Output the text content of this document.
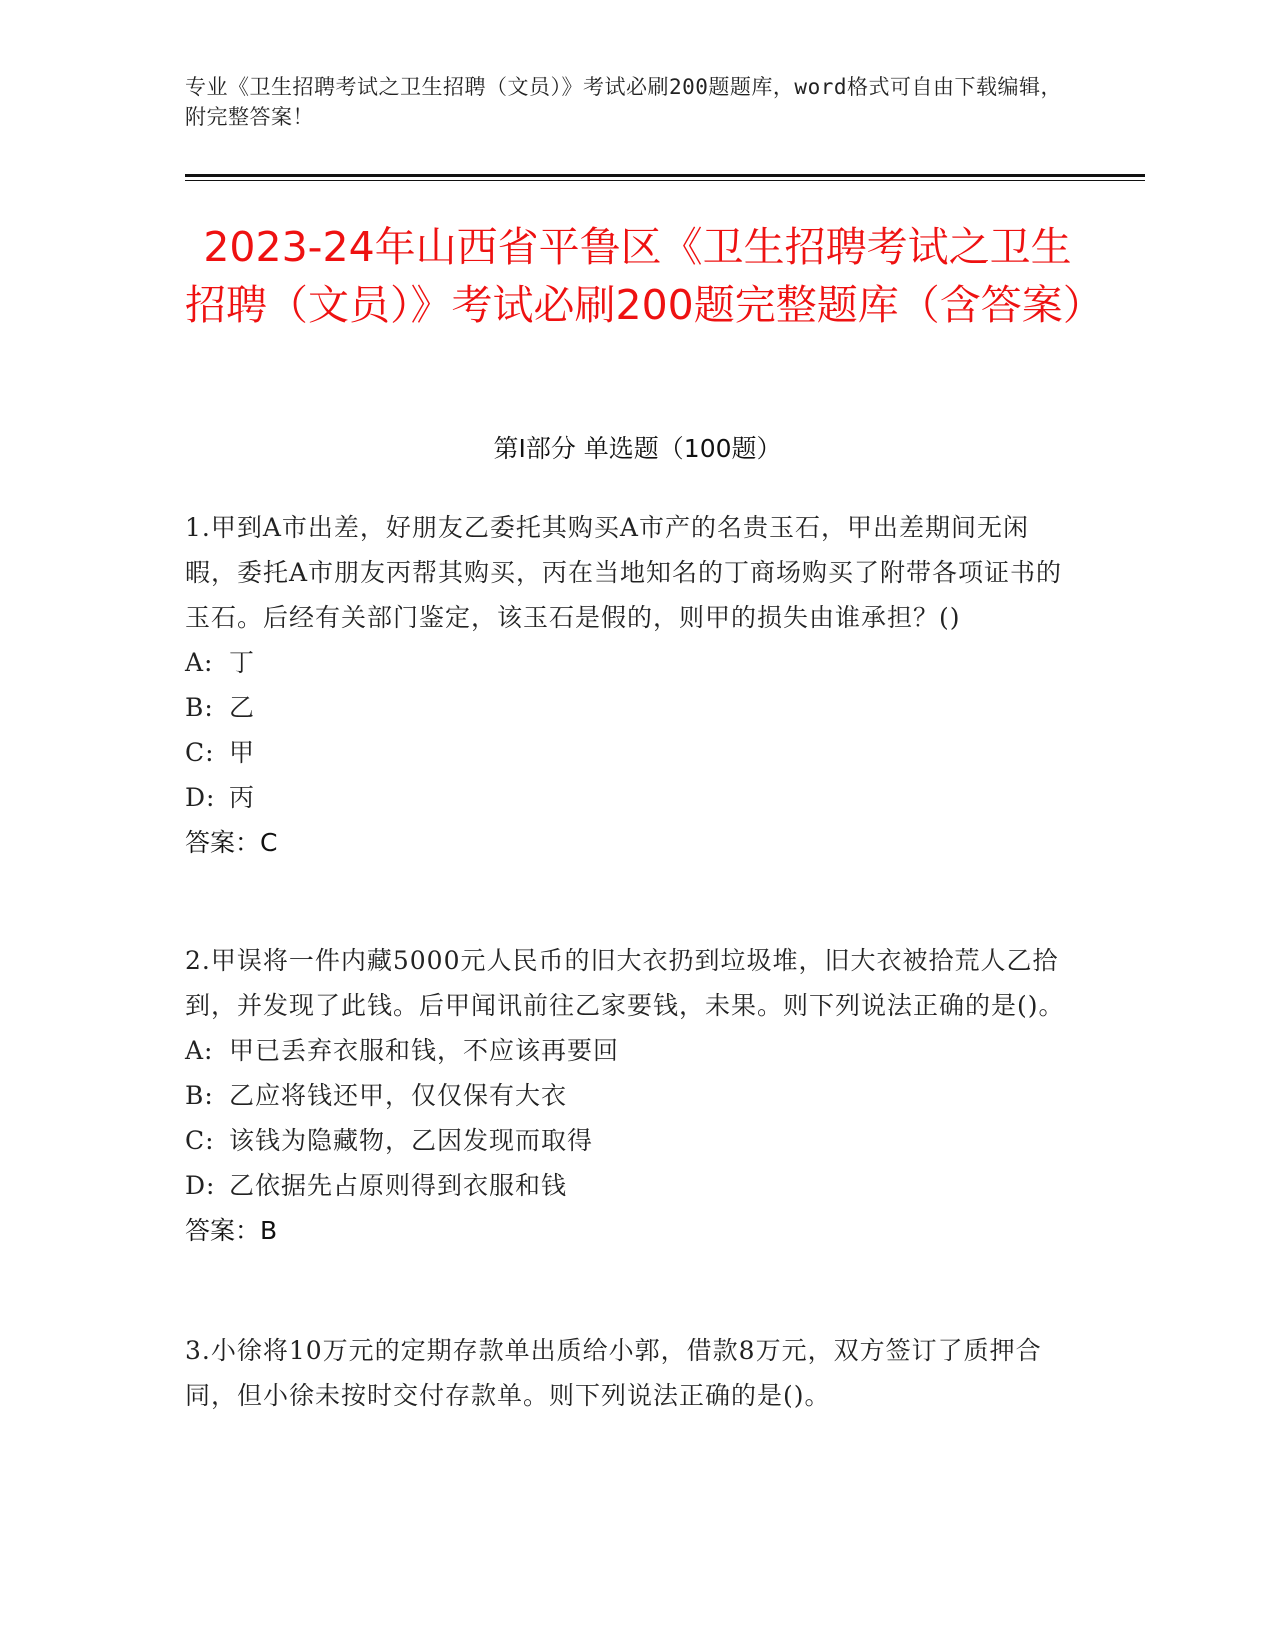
专业《卫生招聘考试之卫生招聘（文员）》考试必刷200题题库，word格式可自由下载编辑，附完整答案！
2023-24年山西省平鲁区《卫生招聘考试之卫生招聘（文员）》考试必刷200题完整题库（含答案）
第Ⅰ部分 单选题（100题）
1.甲到A市出差，好朋友乙委托其购买A市产的名贵玉石，甲出差期间无闲暇，委托A市朋友丙帮其购买，丙在当地知名的丁商场购买了附带各项证书的玉石。后经有关部门鉴定，该玉石是假的，则甲的损失由谁承担？()
A: 丁
B: 乙
C: 甲
D: 丙
答案：C
2.甲误将一件内藏5000元人民币的旧大衣扔到垃圾堆，旧大衣被拾荒人乙拾到，并发现了此钱。后甲闻讯前往乙家要钱，未果。则下列说法正确的是()。
A: 甲已丢弃衣服和钱，不应该再要回
B: 乙应将钱还甲，仅仅保有大衣
C: 该钱为隐藏物，乙因发现而取得
D: 乙依据先占原则得到衣服和钱
答案：B
3.小徐将10万元的定期存款单出质给小郭，借款8万元，双方签订了质押合同，但小徐未按时交付存款单。则下列说法正确的是()。
